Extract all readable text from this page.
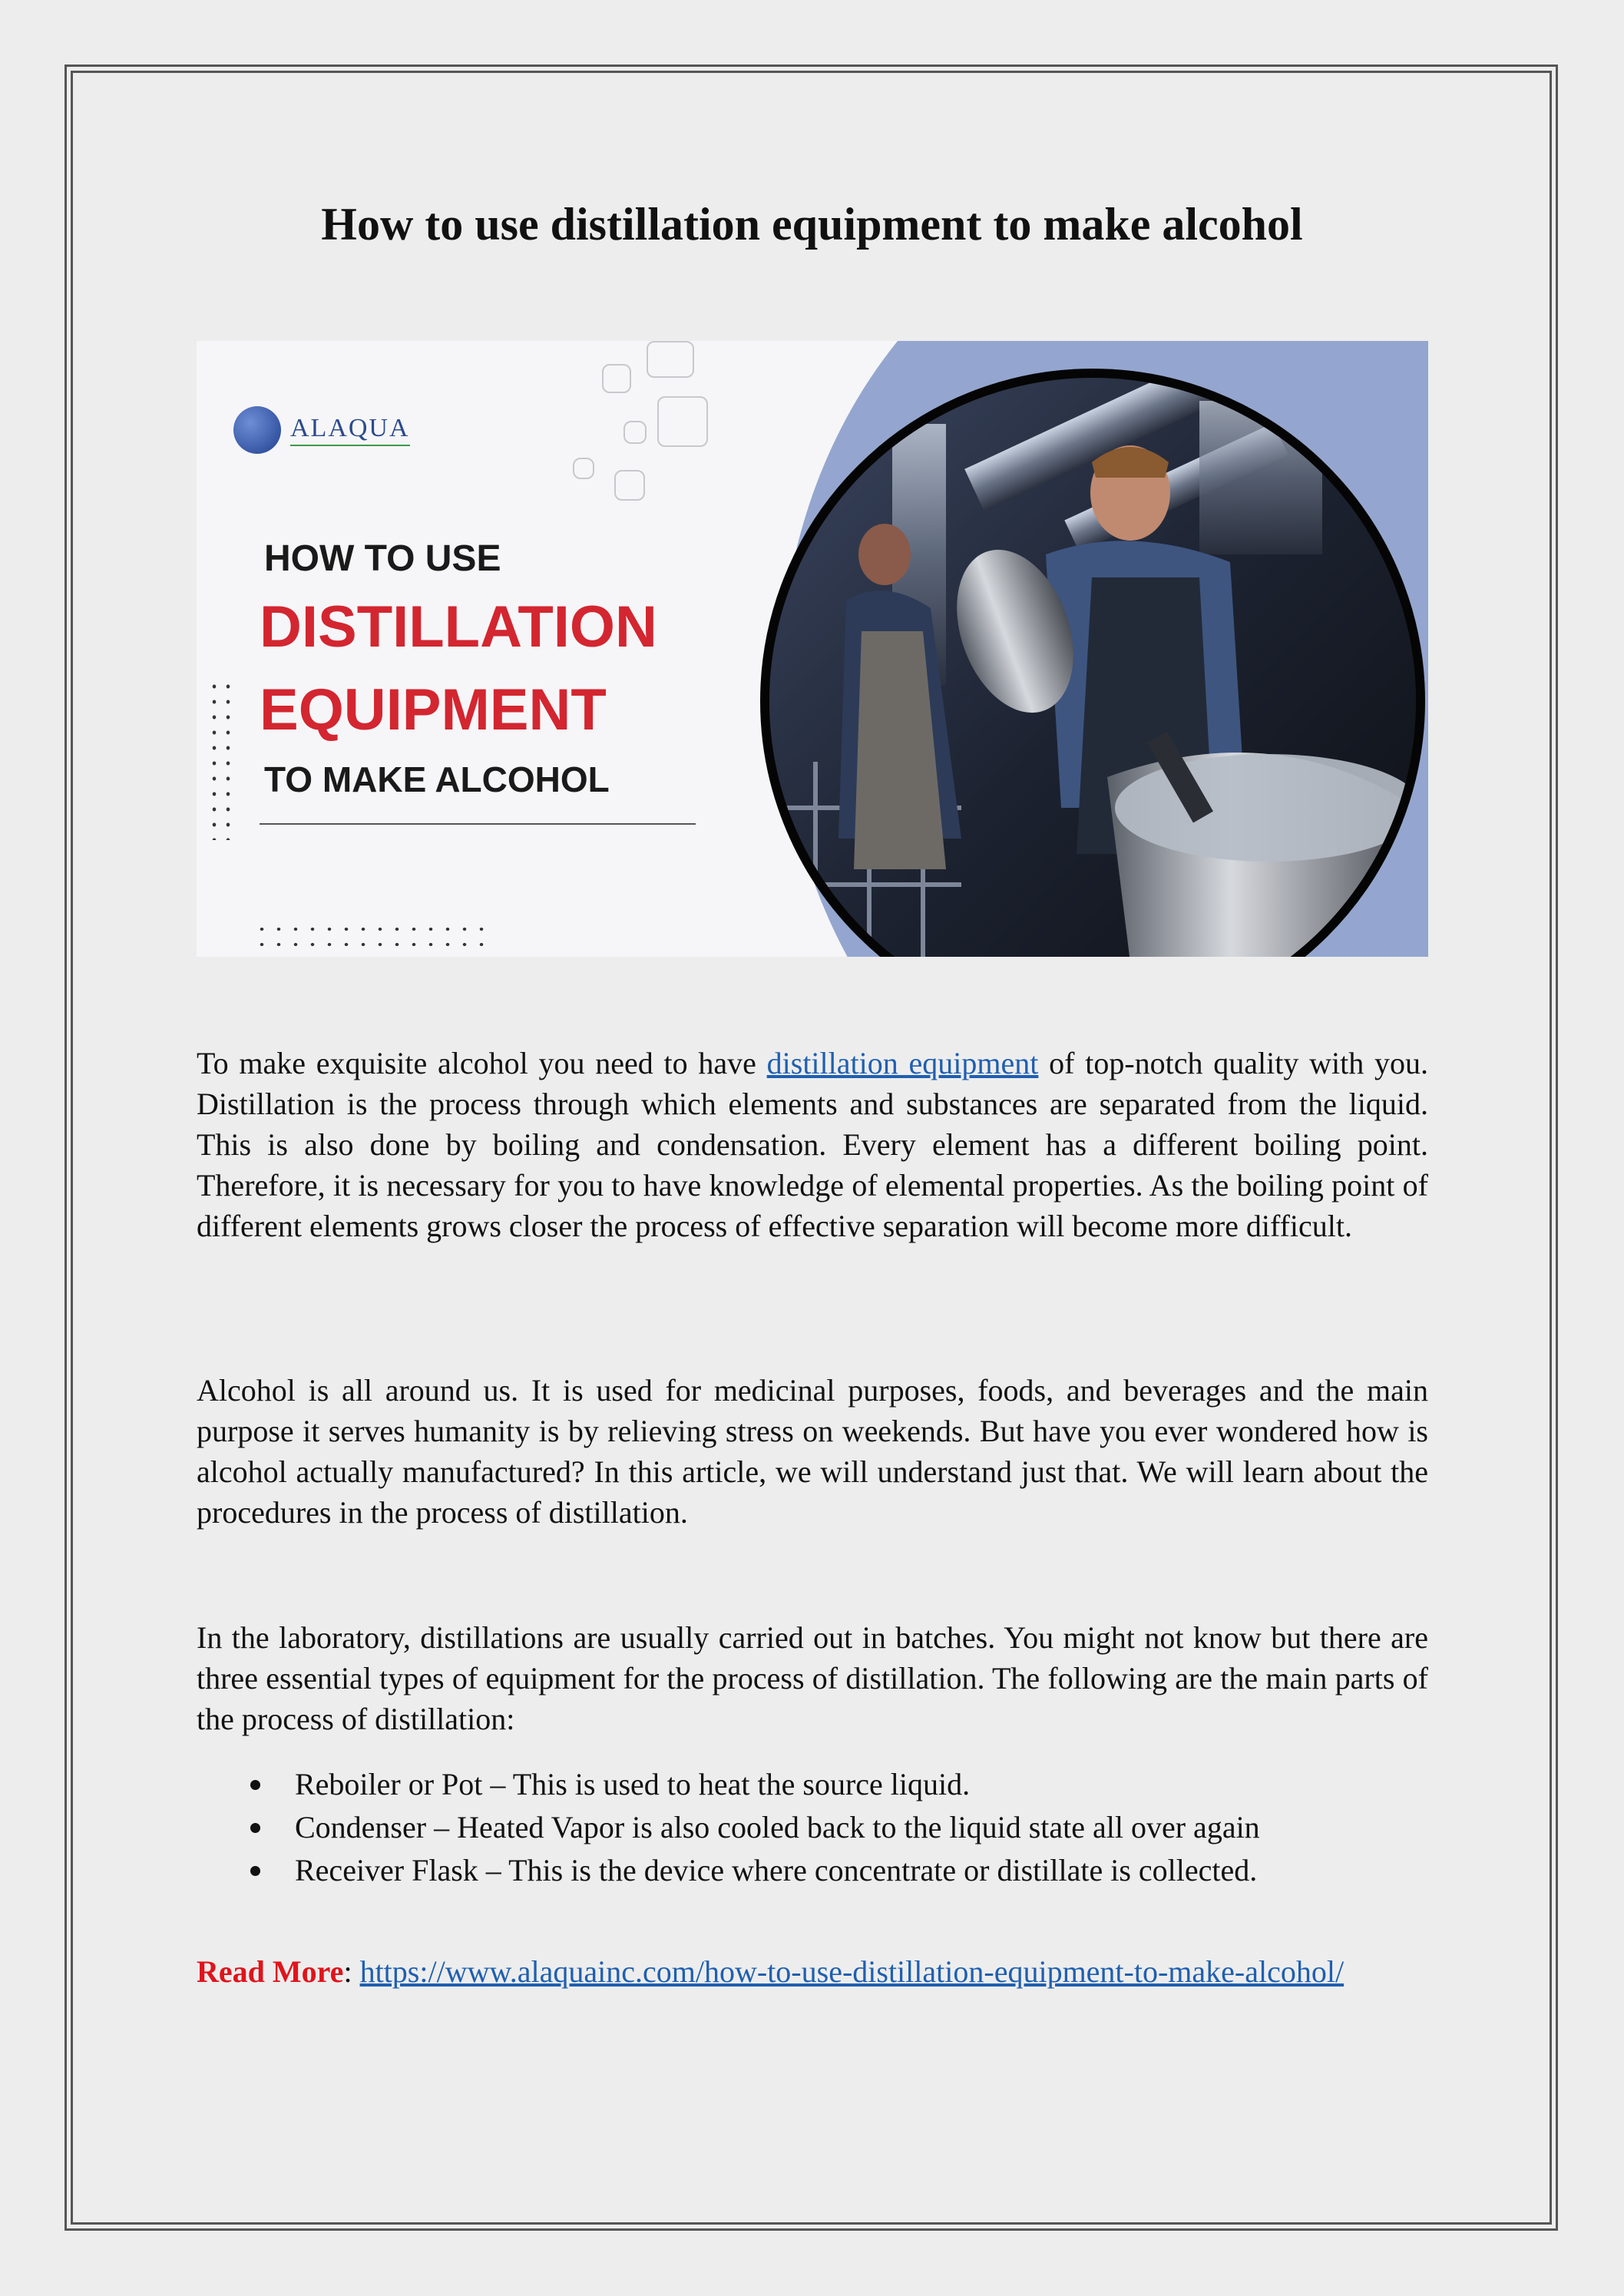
How to use distillation equipment to make alcohol
ALAQUA

HOW TO USE

DISTILLATION

EQUIPMENT

TO MAKE ALCOHOL

To make exquisite alcohol you need to have distillation equipment of top-notch quality with you. Distillation is the process through which elements and substances are separated from the liquid. This is also done by boiling and condensation. Every element has a different boiling point. Therefore, it is necessary for you to have knowledge of elemental properties. As the boiling point of different elements grows closer the process of effective separation will become more difficult.

Alcohol is all around us. It is used for medicinal purposes, foods, and beverages and the main purpose it serves humanity is by relieving stress on weekends. But have you ever wondered how is alcohol actually manufactured? In this article, we will understand just that. We will learn about the procedures in the process of distillation.

In the laboratory, distillations are usually carried out in batches. You might not know but there are three essential types of equipment for the process of distillation. The following are the main parts of the process of distillation:

Reboiler or Pot – This is used to heat the source liquid.
Condenser – Heated Vapor is also cooled back to the liquid state all over again
Receiver Flask – This is the device where concentrate or distillate is collected.

Read More: https://www.alaquainc.com/how-to-use-distillation-equipment-to-make-alcohol/
